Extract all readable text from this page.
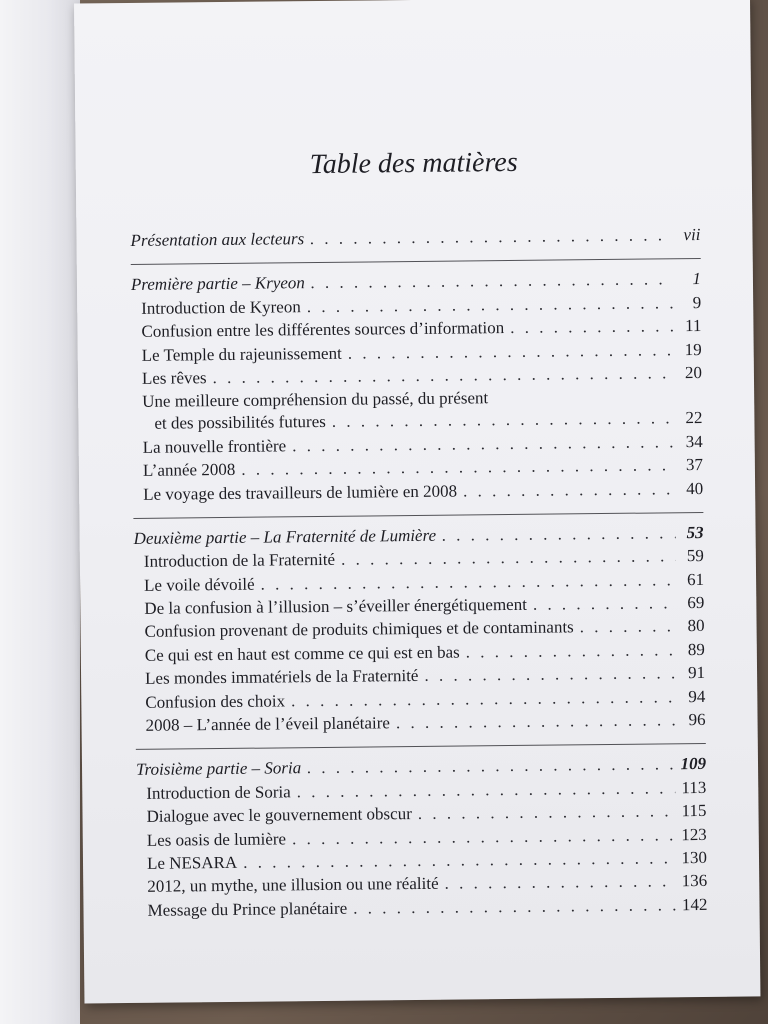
Table des matières
Présentation aux lecteurs . . .	vii
Première partie – Kryeon . . .	1
Introduction de Kyreon . . .	9
Confusion entre les différentes sources d’information . . .	11
Le Temple du rajeunissement . . .	19
Les rêves . . .	20
Une meilleure compréhension du passé, du présent
et des possibilités futures . . .	22
La nouvelle frontière . . .	34
L’année 2008 . . .	37
Le voyage des travailleurs de lumière en 2008 . . .	40
Deuxième partie – La Fraternité de Lumière . . .	53
Introduction de la Fraternité . . .	59
Le voile dévoilé . . .	61
De la confusion à l’illusion – s’éveiller énergétiquement . . .	69
Confusion provenant de produits chimiques et de contaminants . . .	80
Ce qui est en haut est comme ce qui est en bas . . .	89
Les mondes immatériels de la Fraternité . . .	91
Confusion des choix . . .	94
2008 – L’année de l’éveil planétaire . . .	96
Troisième partie – Soria . . .	109
Introduction de Soria . . .	113
Dialogue avec le gouvernement obscur . . .	115
Les oasis de lumière . . .	123
Le NESARA . . .	130
2012, un mythe, une illusion ou une réalité . . .	136
Message du Prince planétaire . . .	142
